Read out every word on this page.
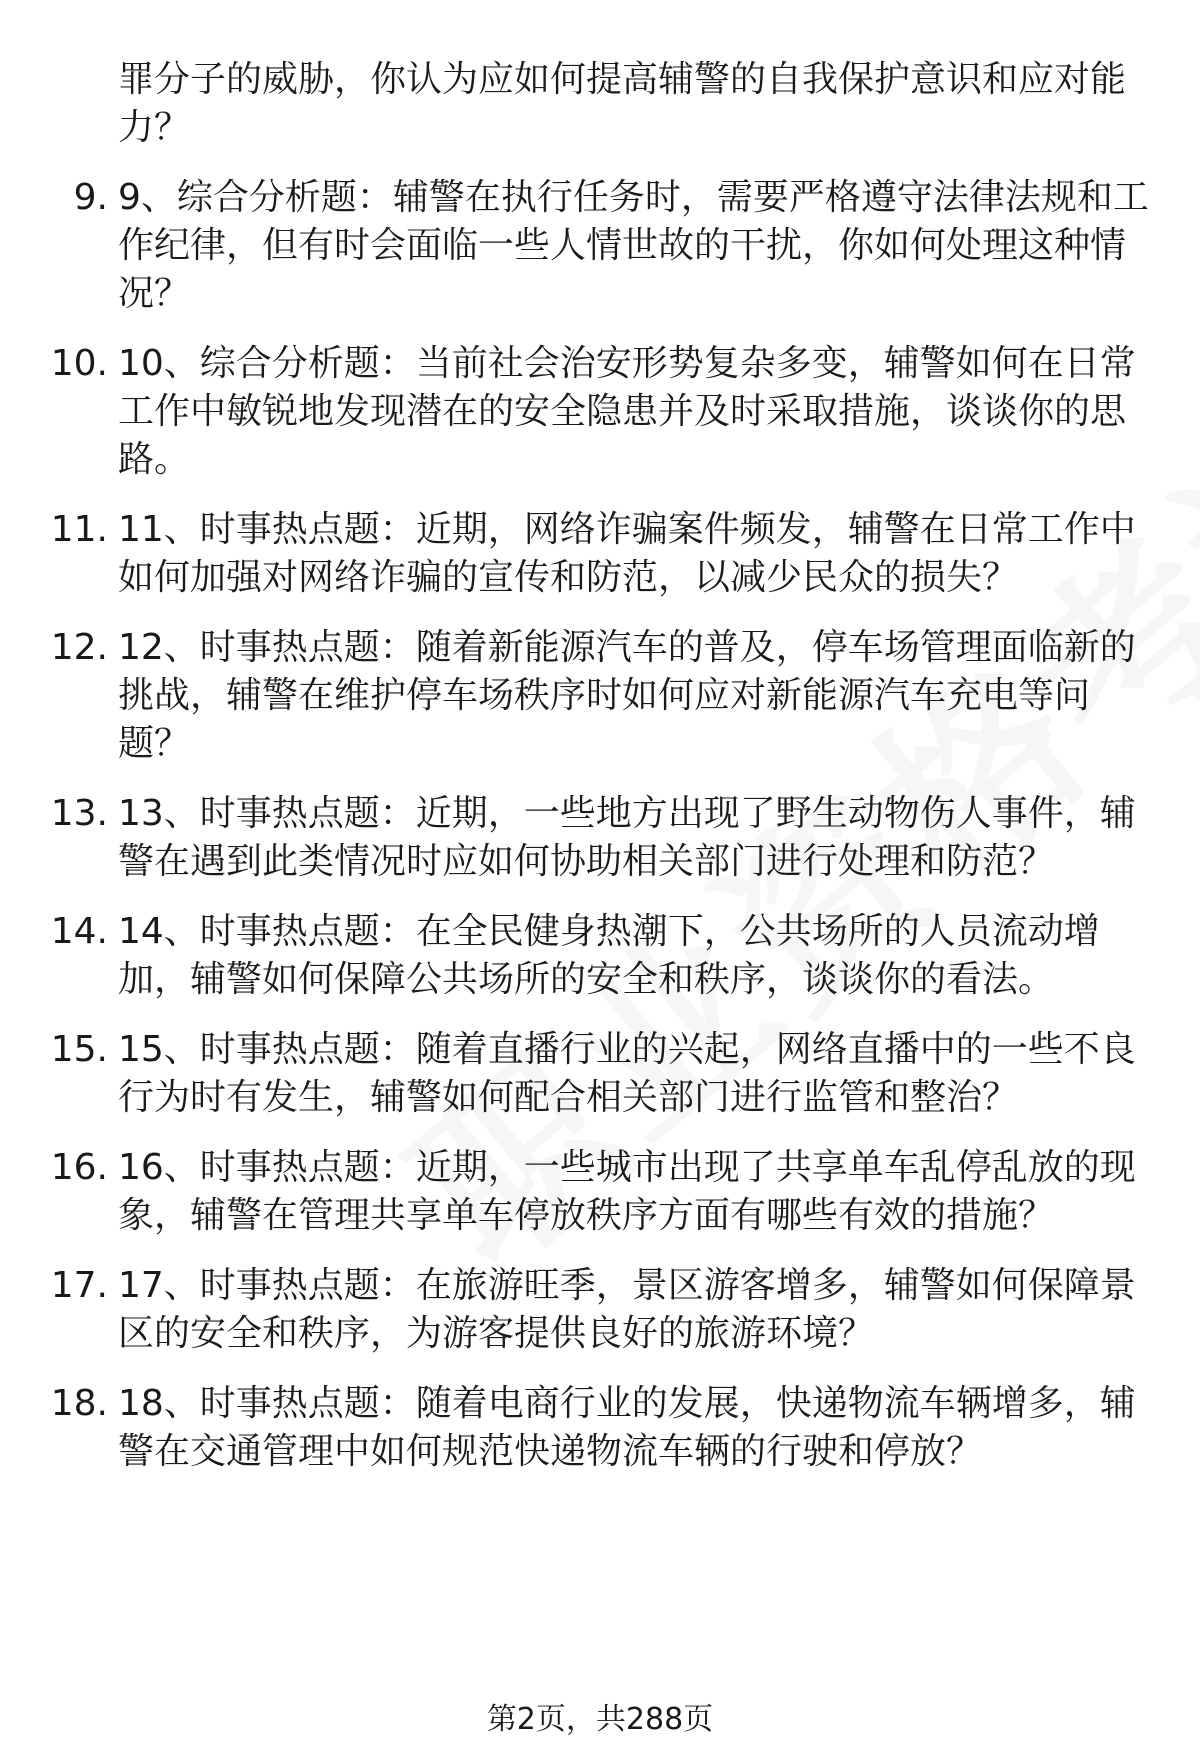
罪分子的威胁，你认为应如何提高辅警的自我保护意识和应对能
力？
9. 9、综合分析题：辅警在执行任务时，需要严格遵守法律法规和工
作纪律，但有时会面临一些人情世故的干扰，你如何处理这种情
况？
10. 10、综合分析题：当前社会治安形势复杂多变，辅警如何在日常
工作中敏锐地发现潜在的安全隐患并及时采取措施，谈谈你的思
路。
11. 11、时事热点题：近期，网络诈骗案件频发，辅警在日常工作中
如何加强对网络诈骗的宣传和防范，以减少民众的损失？
12. 12、时事热点题：随着新能源汽车的普及，停车场管理面临新的
挑战，辅警在维护停车场秩序时如何应对新能源汽车充电等问
题？
13. 13、时事热点题：近期，一些地方出现了野生动物伤人事件，辅
警在遇到此类情况时应如何协助相关部门进行处理和防范？
14. 14、时事热点题：在全民健身热潮下，公共场所的人员流动增
加，辅警如何保障公共场所的安全和秩序，谈谈你的看法。
15. 15、时事热点题：随着直播行业的兴起，网络直播中的一些不良
行为时有发生，辅警如何配合相关部门进行监管和整治？
16. 16、时事热点题：近期，一些城市出现了共享单车乱停乱放的现
象，辅警在管理共享单车停放秩序方面有哪些有效的措施？
17. 17、时事热点题：在旅游旺季，景区游客增多，辅警如何保障景
区的安全和秩序，为游客提供良好的旅游环境？
18. 18、时事热点题：随着电商行业的发展，快递物流车辆增多，辅
警在交通管理中如何规范快递物流车辆的行驶和停放？
第2页，共288页
